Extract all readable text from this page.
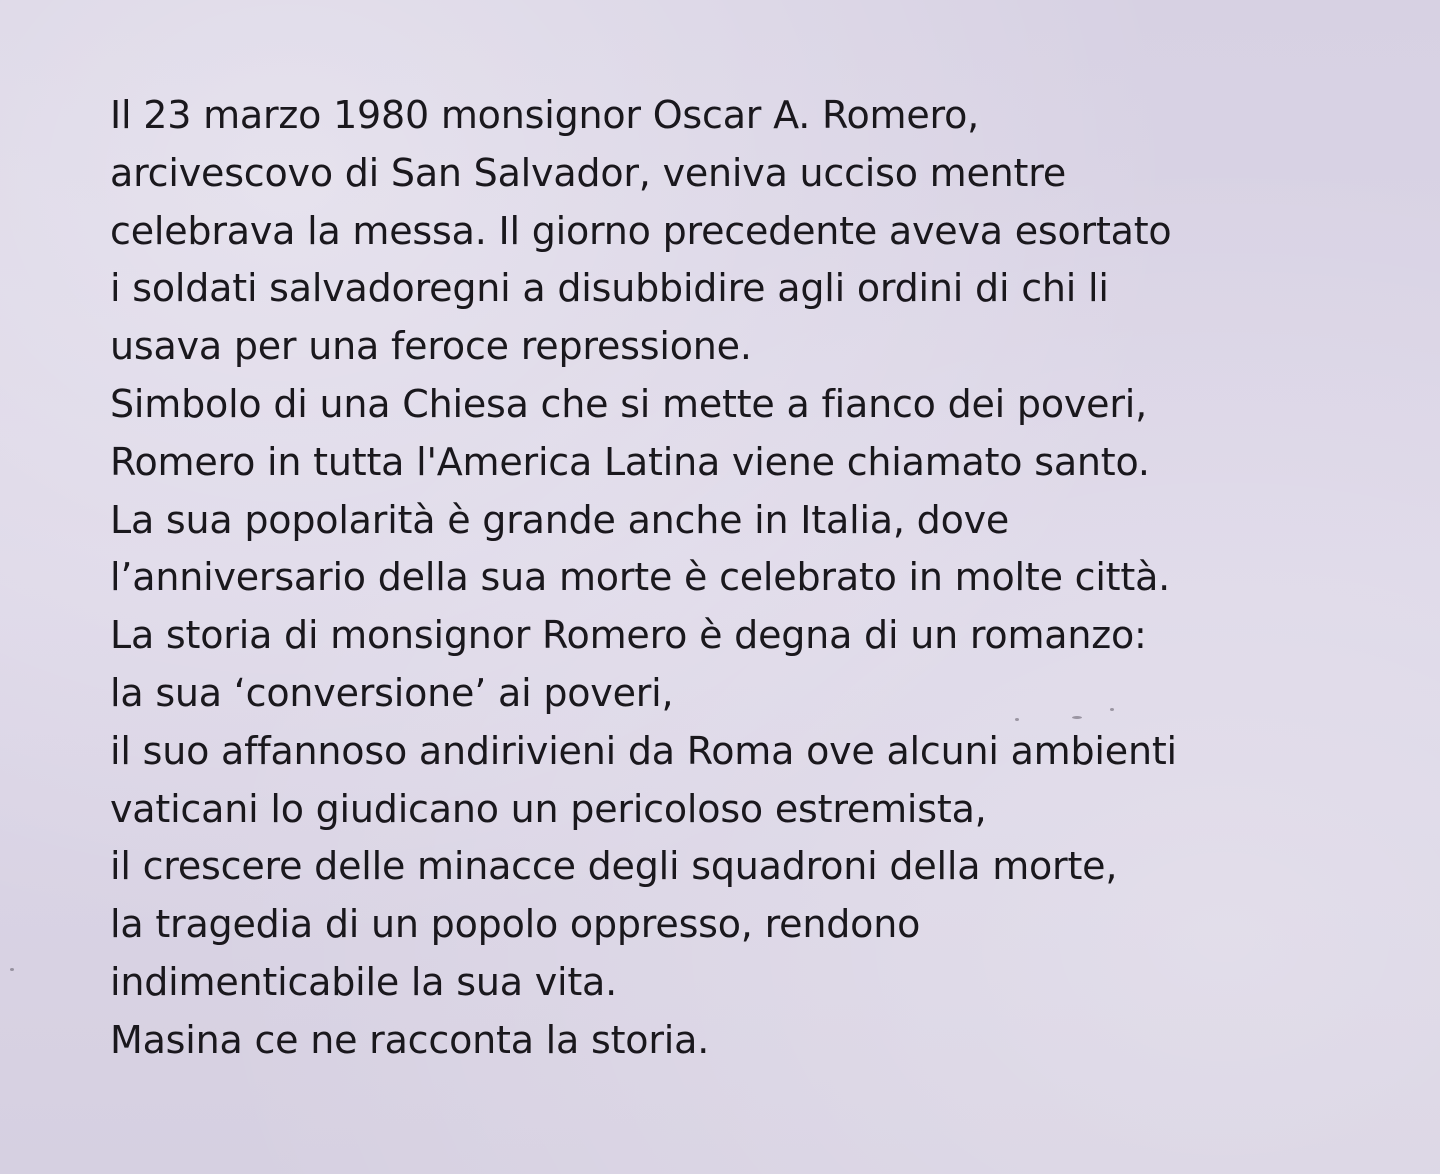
Il 23 marzo 1980 monsignor Oscar A. Romero,
arcivescovo di San Salvador, veniva ucciso mentre
celebrava la messa. Il giorno precedente aveva esortato
i soldati salvadoregni a disubbidire agli ordini di chi li
usava per una feroce repressione.
Simbolo di una Chiesa che si mette a fianco dei poveri,
Romero in tutta l'America Latina viene chiamato santo.
La sua popolarità è grande anche in Italia, dove
l’anniversario della sua morte è celebrato in molte città.
La storia di monsignor Romero è degna di un romanzo:
la sua ‘conversione’ ai poveri,
il suo affannoso andirivieni da Roma ove alcuni ambienti
vaticani lo giudicano un pericoloso estremista,
il crescere delle minacce degli squadroni della morte,
la tragedia di un popolo oppresso, rendono
indimenticabile la sua vita.
Masina ce ne racconta la storia.
